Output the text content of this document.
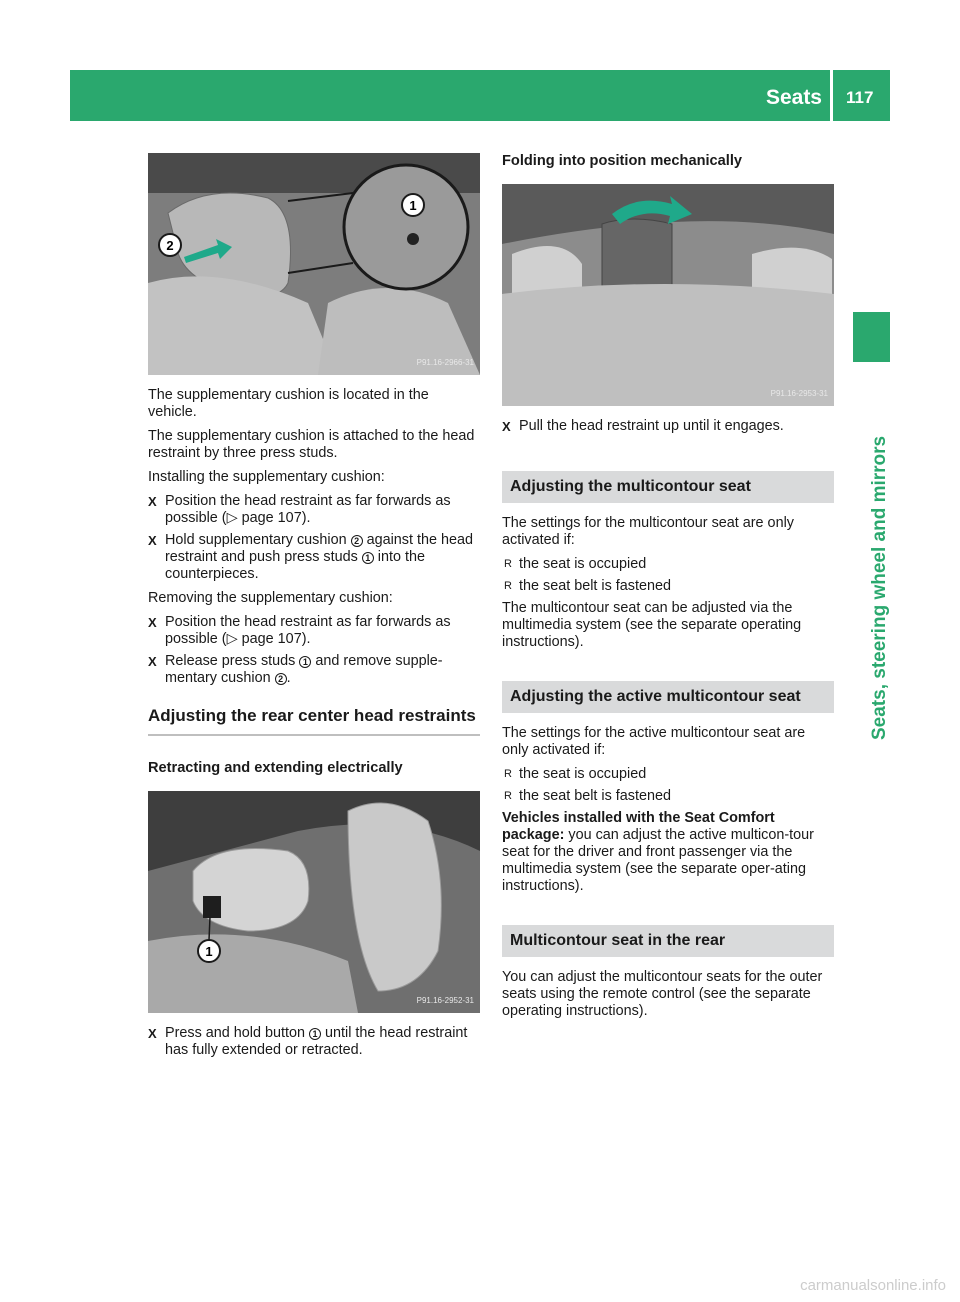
Seats 117
Seats, steering wheel and mirrors
1
2
P91.16-2966-31

The supplementary cushion is located in the vehicle.

The supplementary cushion is attached to the head restraint by three press studs.

Installing the supplementary cushion:

X Position the head restraint as far forwards as possible (▷ page 107).
X Hold supplementary cushion 2 against the head restraint and push press studs 1 into the counterpieces.

Removing the supplementary cushion:

X Position the head restraint as far forwards as possible (▷ page 107).
X Release press studs 1 and remove supple-mentary cushion 2 .
Adjusting the rear center head restraints
Retracting and extending electrically
1
P91.16-2952-31
X Press and hold button 1 until the head restraint has fully extended or retracted.
Folding into position mechanically
P91.16-2953-31
X Pull the head restraint up until it engages.
Adjusting the multicontour seat

The settings for the multicontour seat are only activated if:

R the seat is occupied
R the seat belt is fastened

The multicontour seat can be adjusted via the multimedia system (see the separate operating instructions).

Adjusting the active multicontour seat

The settings for the active multicontour seat are only activated if:

R the seat is occupied
R the seat belt is fastened

Vehicles installed with the Seat Comfort package: you can adjust the active multicon-tour seat for the driver and front passenger via the multimedia system (see the separate oper-ating instructions).

Multicontour seat in the rear

You can adjust the multicontour seats for the outer seats using the remote control (see the separate operating instructions).

carmanualsonline.info
